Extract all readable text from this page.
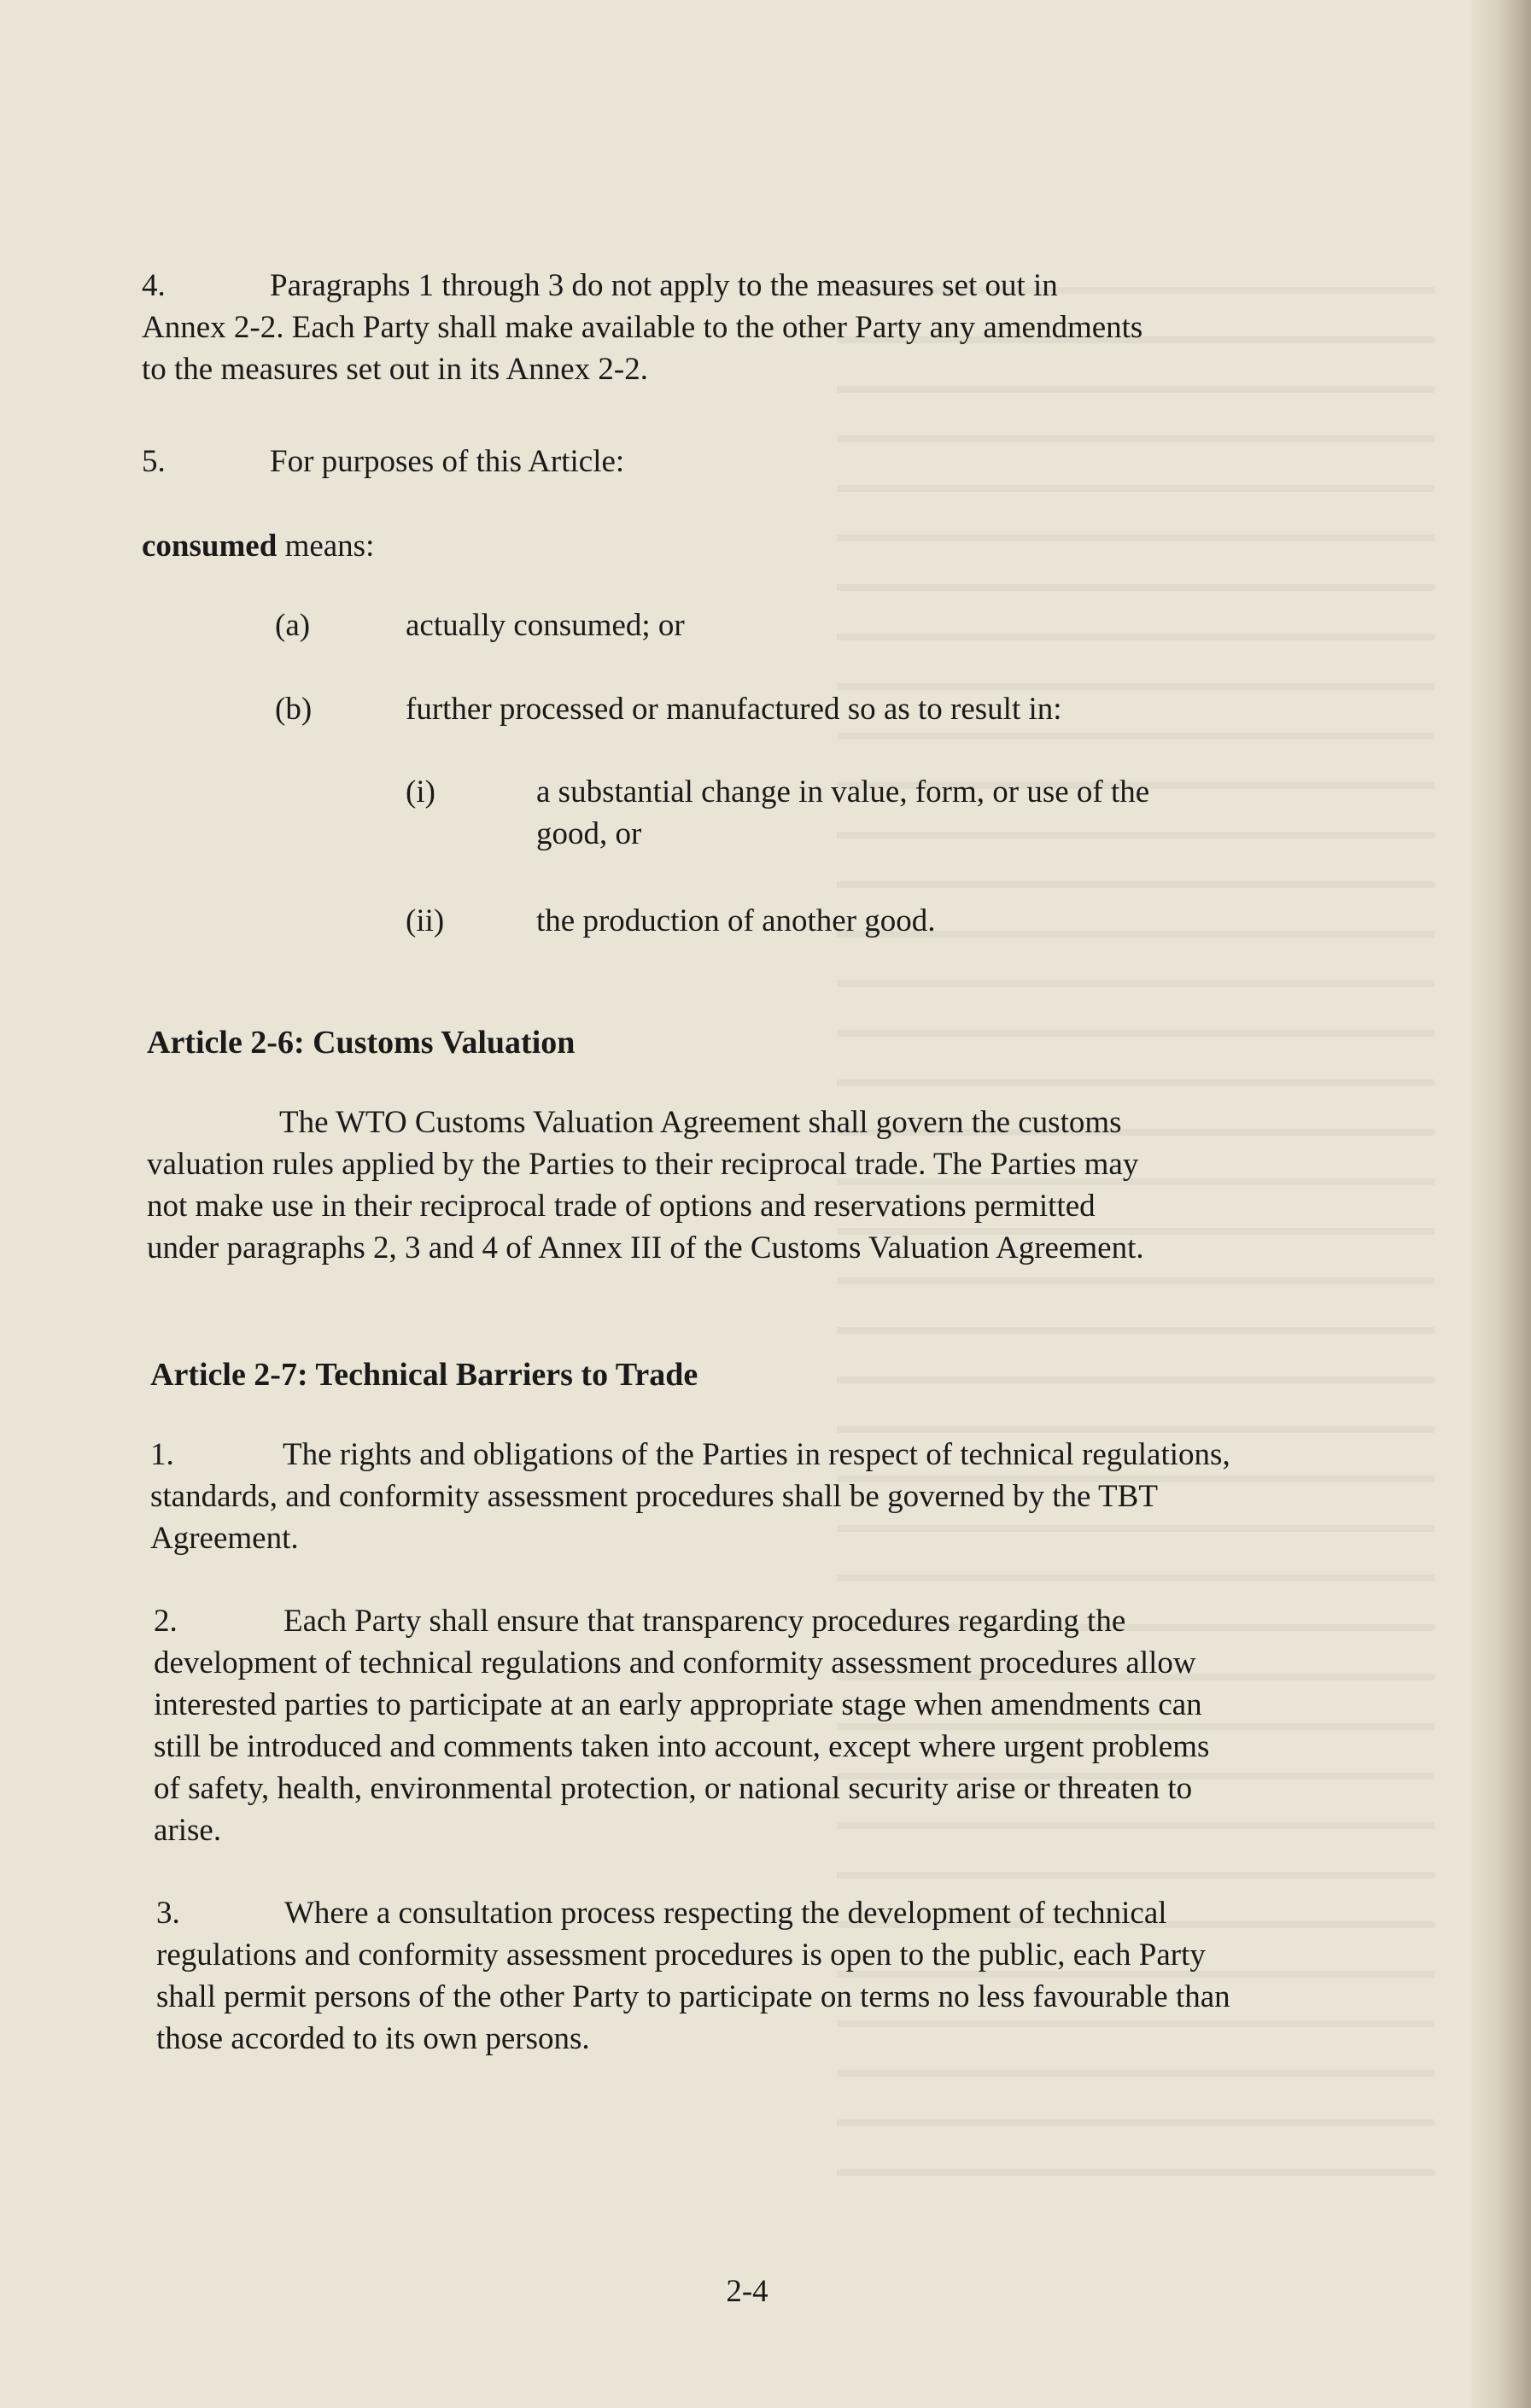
4.	Paragraphs 1 through 3 do not apply to the measures set out in
Annex 2-2. Each Party shall make available to the other Party any amendments
to the measures set out in its Annex 2-2.
5.	For purposes of this Article:
consumed means:
(a)	actually consumed; or
(b)	further processed or manufactured so as to result in:
(i)	a substantial change in value, form, or use of the
good, or
(ii)	the production of another good.
Article 2-6: Customs Valuation
The WTO Customs Valuation Agreement shall govern the customs
valuation rules applied by the Parties to their reciprocal trade. The Parties may
not make use in their reciprocal trade of options and reservations permitted
under paragraphs 2, 3 and 4 of Annex III of the Customs Valuation Agreement.
Article 2-7: Technical Barriers to Trade
1.	The rights and obligations of the Parties in respect of technical regulations,
standards, and conformity assessment procedures shall be governed by the TBT
Agreement.
2.	Each Party shall ensure that transparency procedures regarding the
development of technical regulations and conformity assessment procedures allow
interested parties to participate at an early appropriate stage when amendments can
still be introduced and comments taken into account, except where urgent problems
of safety, health, environmental protection, or national security arise or threaten to
arise.
3.	Where a consultation process respecting the development of technical
regulations and conformity assessment procedures is open to the public, each Party
shall permit persons of the other Party to participate on terms no less favourable than
those accorded to its own persons.
2-4
